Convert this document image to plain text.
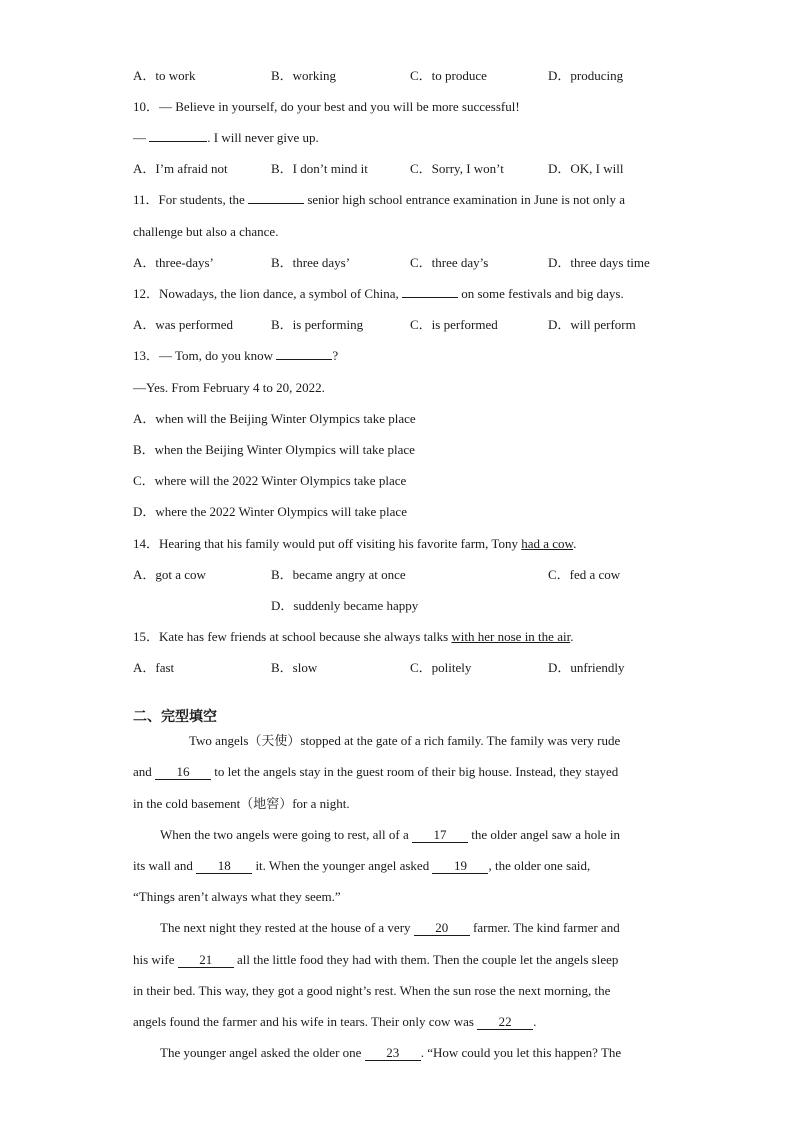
A．to work	B．working	C．to produce	D．producing
10．— Believe in yourself, do your best and you will be more successful!
—	. I will never give up.
A．I’m afraid not	B．I don’t mind it	C．Sorry, I won’t	D．OK, I will
11．For students, the	senior high school entrance examination in June is not only a
challenge but also a chance.
A．three-days’	B．three days’	C．three day’s	D．three days time
12．Nowadays, the lion dance, a symbol of China,	on some festivals and big days.
A．was performed	B．is performing	C．is performed	D．will perform
13．— Tom, do you know	?
—Yes. From February 4 to 20, 2022.
A．when will the Beijing Winter Olympics take place
B．when the Beijing Winter Olympics will take place
C．where will the 2022 Winter Olympics take place
D．where the 2022 Winter Olympics will take place
14．Hearing that his family would put off visiting his favorite farm, Tony had a cow.
A．got a cow	B．became angry at once	C．fed a cow
D．suddenly became happy
15．Kate has few friends at school because she always talks with her nose in the air.
A．fast	B．slow	C．politely	D．unfriendly
二、完型填空
Two angels（天使）stopped at the gate of a rich family. The family was very rude
and 16 to let the angels stay in the guest room of their big house. Instead, they stayed
in the cold basement（地窖）for a night.
When the two angels were going to rest, all of a 17 the older angel saw a hole in
its wall and 18 it. When the younger angel asked 19 , the older one said,
“Things aren’t always what they seem.”
The next night they rested at the house of a very 20 farmer. The kind farmer and
his wife 21 all the little food they had with them. Then the couple let the angels sleep
in their bed. This way, they got a good night’s rest. When the sun rose the next morning, the
angels found the farmer and his wife in tears. Their only cow was 22 .
The younger angel asked the older one 23 . “How could you let this happen? The
